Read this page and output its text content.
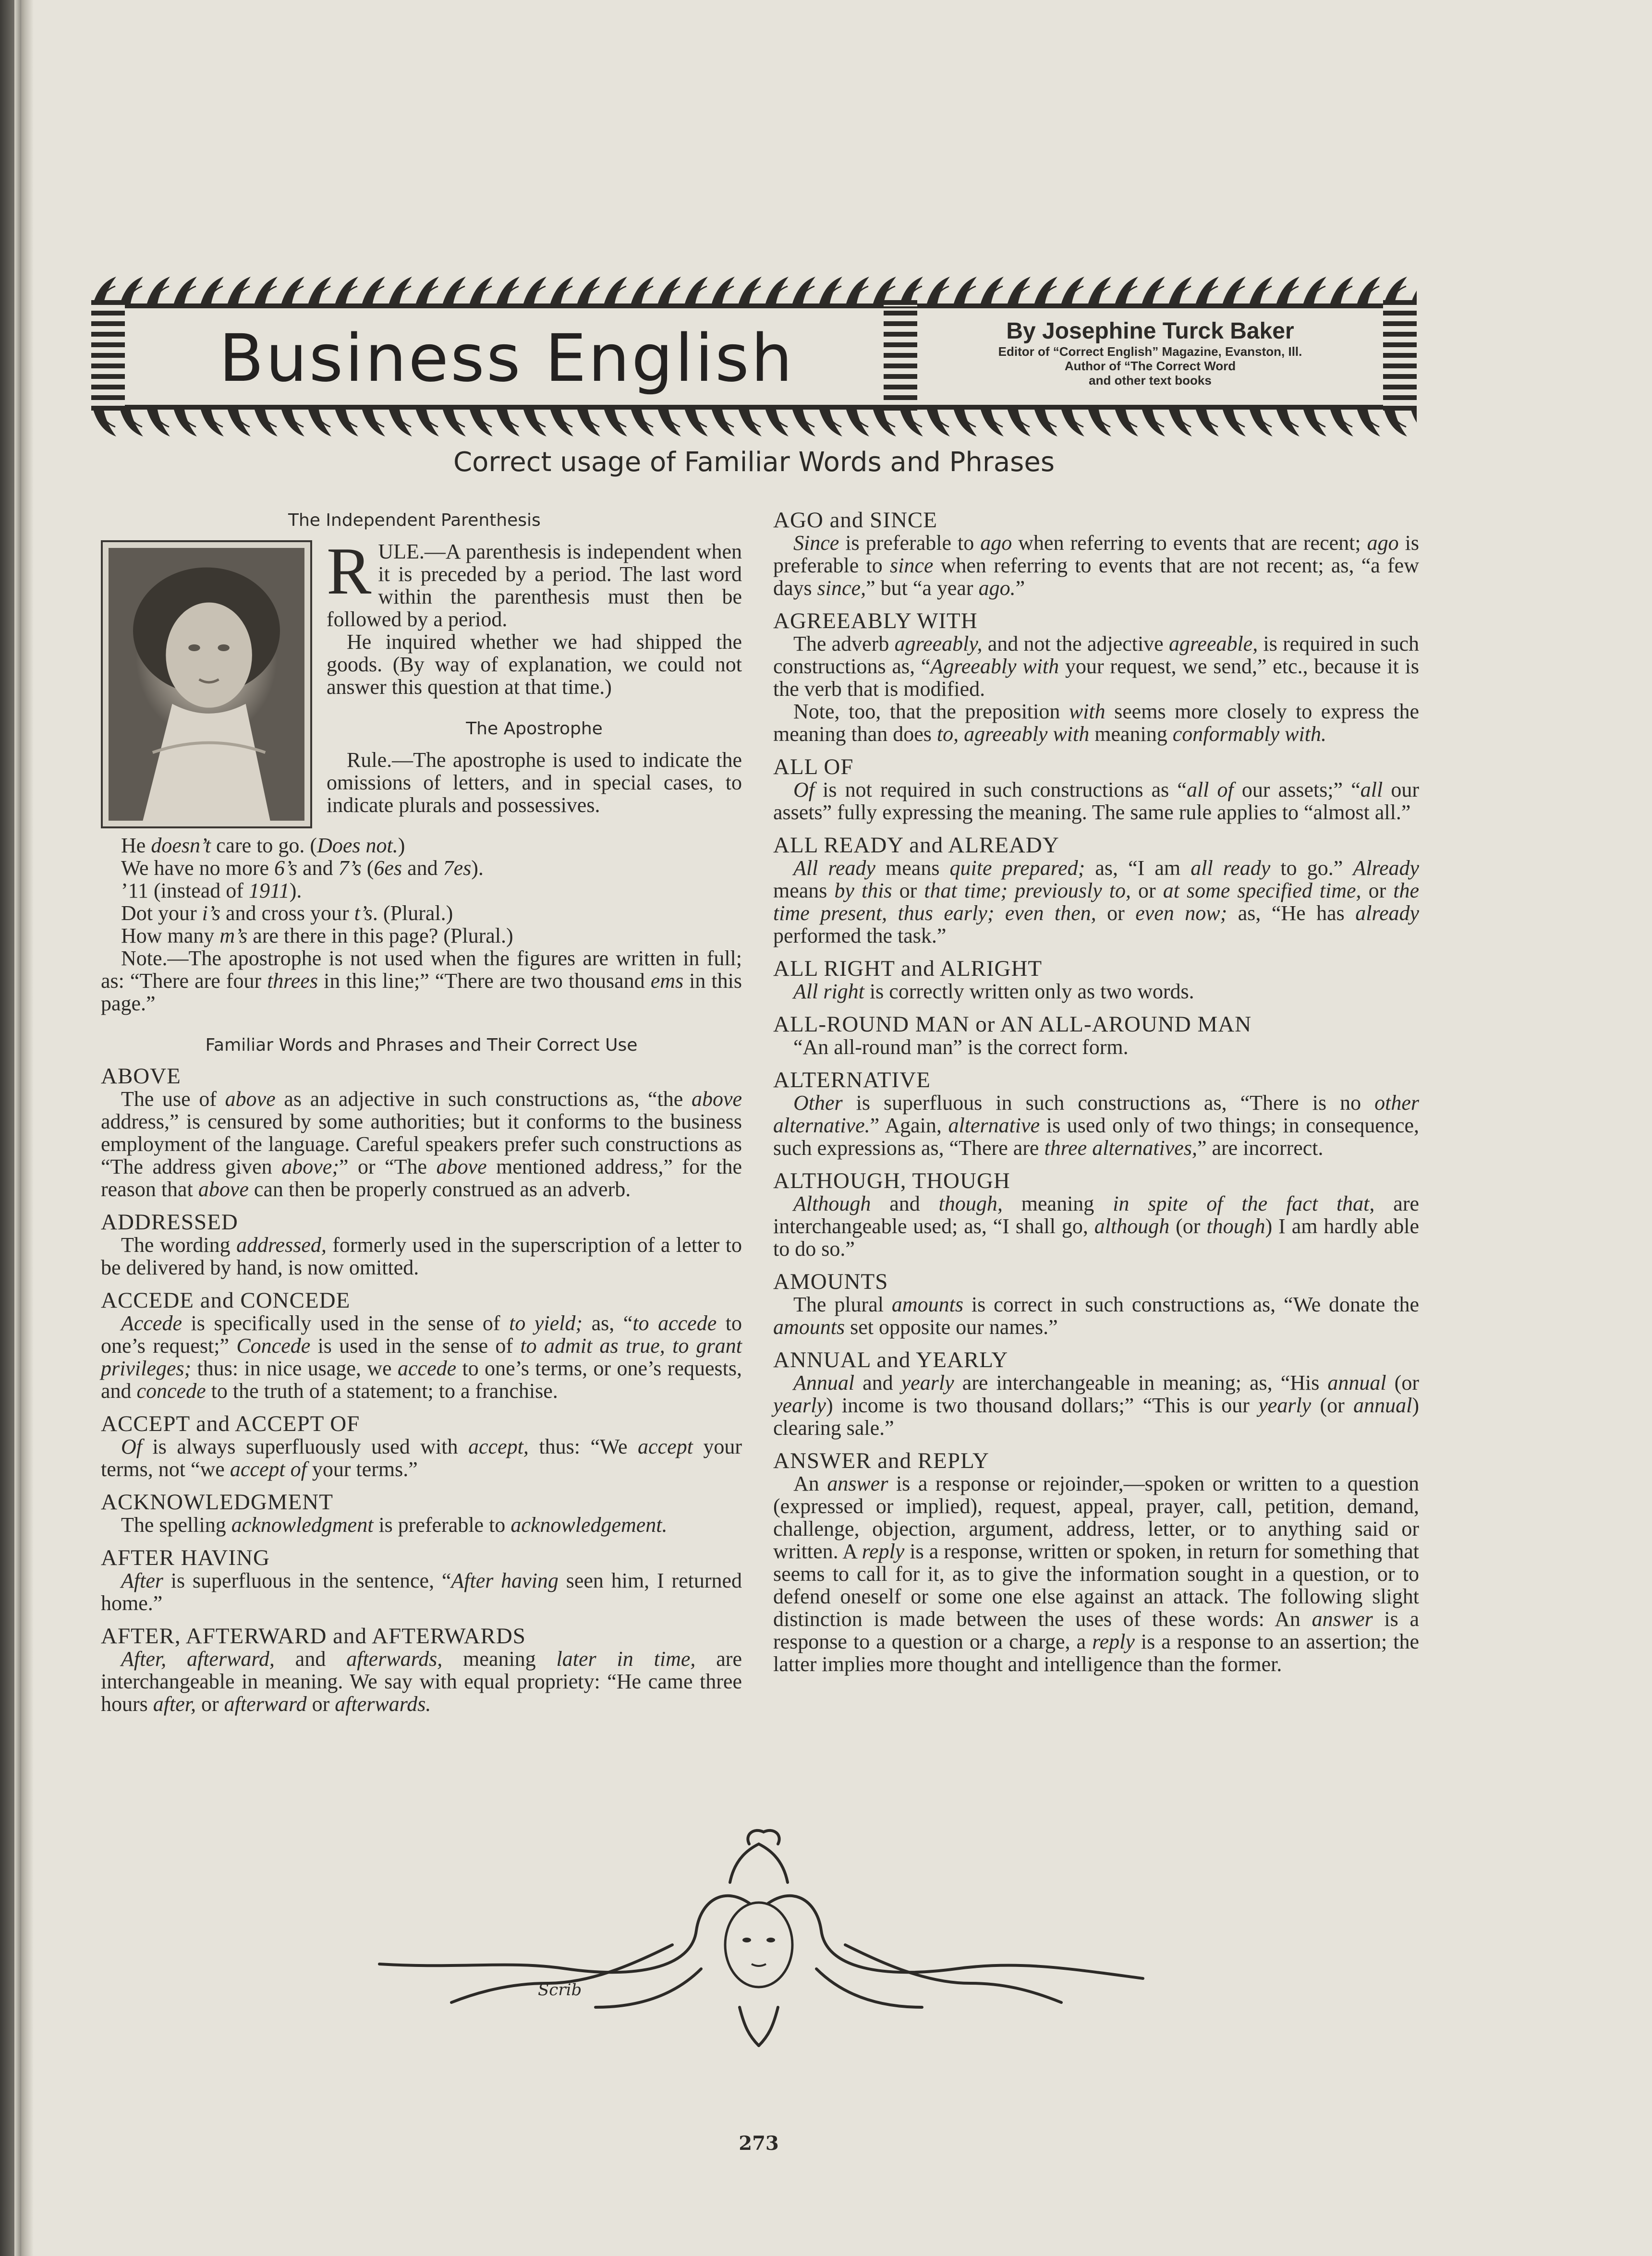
Business English	By Josephine Turck Baker
Editor of “Correct English” Magazine, Evanston, Ill.
Author of “The Correct Word
and other text books
Correct usage of Familiar Words and Phrases
The Independent Parenthesis

RULE.—A parenthesis is independent when it is preceded by a period. The last word within the parenthesis must then be followed by a period.

He inquired whether we had shipped the goods. (By way of explanation, we could not answer this question at that time.)

The Apostrophe

Rule.—The apostrophe is used to indicate the omissions of letters, and in special cases, to indicate plurals and possessives.

He doesn’t care to go. (Does not.)

We have no more 6’s and 7’s (6es and 7es).

’11 (instead of 1911).

Dot your i’s and cross your t’s. (Plural.)

How many m’s are there in this page? (Plural.)

Note.—The apostrophe is not used when the figures are written in full; as: “There are four threes in this line;” “There are two thousand ems in this page.”

Familiar Words and Phrases and Their Correct Use
ABOVE

The use of above as an adjective in such constructions as, “the above address,” is censured by some authorities; but it conforms to the business employment of the language. Careful speakers prefer such constructions as “The address given above;” or “The above mentioned address,” for the reason that above can then be properly construed as an adverb.

ADDRESSED

The wording addressed, formerly used in the superscription of a letter to be delivered by hand, is now omitted.

ACCEDE and CONCEDE

Accede is specifically used in the sense of to yield; as, “to accede to one’s request;” Concede is used in the sense of to admit as true, to grant privileges; thus: in nice usage, we accede to one’s terms, or one’s requests, and concede to the truth of a statement; to a franchise.

ACCEPT and ACCEPT OF

Of is always superfluously used with accept, thus: “We accept your terms, not “we accept of your terms.”

ACKNOWLEDGMENT

The spelling acknowledgment is preferable to acknowledgement.

AFTER HAVING

After is superfluous in the sentence, “After having seen him, I returned home.”

AFTER, AFTERWARD and AFTERWARDS

After, afterward, and afterwards, meaning later in time, are interchangeable in meaning. We say with equal propriety: “He came three hours after, or afterward or afterwards.

AGO and SINCE

Since is preferable to ago when referring to events that are recent; ago is preferable to since when referring to events that are not recent; as, “a few days since,” but “a year ago.”

AGREEABLY WITH

The adverb agreeably, and not the adjective agreeable, is required in such constructions as, “Agreeably with your request, we send,” etc., because it is the verb that is modified.

Note, too, that the preposition with seems more closely to express the meaning than does to, agreeably with meaning conformably with.

ALL OF

Of is not required in such constructions as “all of our assets;” “all our assets” fully expressing the meaning. The same rule applies to “almost all.”

ALL READY and ALREADY

All ready means quite prepared; as, “I am all ready to go.” Already means by this or that time; previously to, or at some specified time, or the time present, thus early; even then, or even now; as, “He has already performed the task.”

ALL RIGHT and ALRIGHT

All right is correctly written only as two words.

ALL-ROUND MAN or AN ALL-AROUND MAN

“An all-round man” is the correct form.

ALTERNATIVE

Other is superfluous in such constructions as, “There is no other alternative.” Again, alternative is used only of two things; in consequence, such expressions as, “There are three alternatives,” are incorrect.

ALTHOUGH, THOUGH

Although and though, meaning in spite of the fact that, are interchangeable used; as, “I shall go, although (or though) I am hardly able to do so.”

AMOUNTS

The plural amounts is correct in such constructions as, “We donate the amounts set opposite our names.”

ANNUAL and YEARLY

Annual and yearly are interchangeable in meaning; as, “His annual (or yearly) income is two thousand dollars;” “This is our yearly (or annual) clearing sale.”

ANSWER and REPLY

An answer is a response or rejoinder,—spoken or written to a question (expressed or implied), request, appeal, prayer, call, petition, demand, challenge, objection, argument, address, letter, or to anything said or written. A reply is a response, written or spoken, in return for something that seems to call for it, as to give the information sought in a question, or to defend oneself or some one else against an attack. The following slight distinction is made between the uses of these words: An answer is a response to a question or a charge, a reply is a response to an assertion; the latter implies more thought and intelligence than the former.

Scrib
273
